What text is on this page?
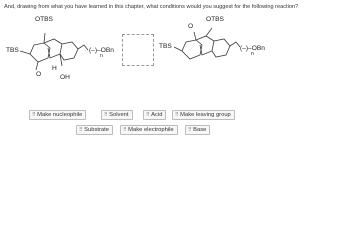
And, drawing from what you have learned in this chapter, what conditions would you suggest for the following reaction?
OTBS
TBS
O
H
OH
(–)–OBn
n
O
OTBS
TBS	(–)–OBn
n
⠿ Make nucleophile	⠿ Solvent	⠿ Acid	⠿ Make leaving group
⠿ Substrate	⠿ Make electrophile	⠿ Base
